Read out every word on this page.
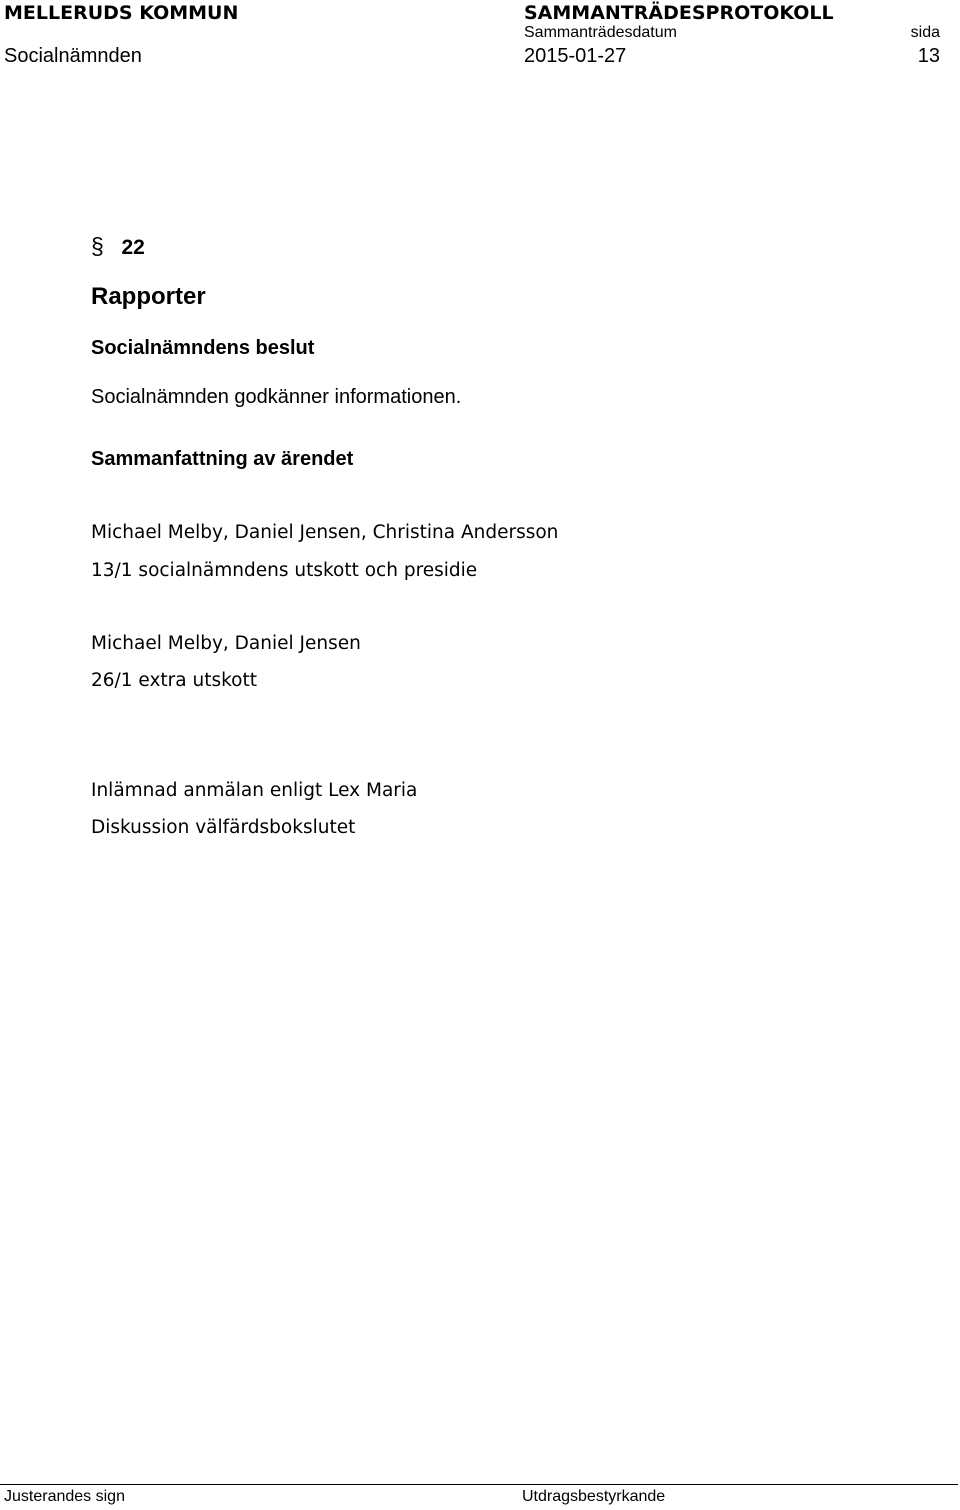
MELLERUDS KOMMUN
Socialnämnden
SAMMANTRÄDESPROTOKOLL
Sammanträdesdatum
2015-01-27
sida
13
§ 22
Rapporter
Socialnämndens beslut
Socialnämnden godkänner informationen.
Sammanfattning av ärendet
Michael Melby, Daniel Jensen, Christina Andersson
13/1 socialnämndens utskott och presidie
Michael Melby, Daniel Jensen
26/1 extra utskott
Inlämnad anmälan enligt Lex Maria
Diskussion välfärdsbokslutet
Justerandes sign	Utdragsbestyrkande
